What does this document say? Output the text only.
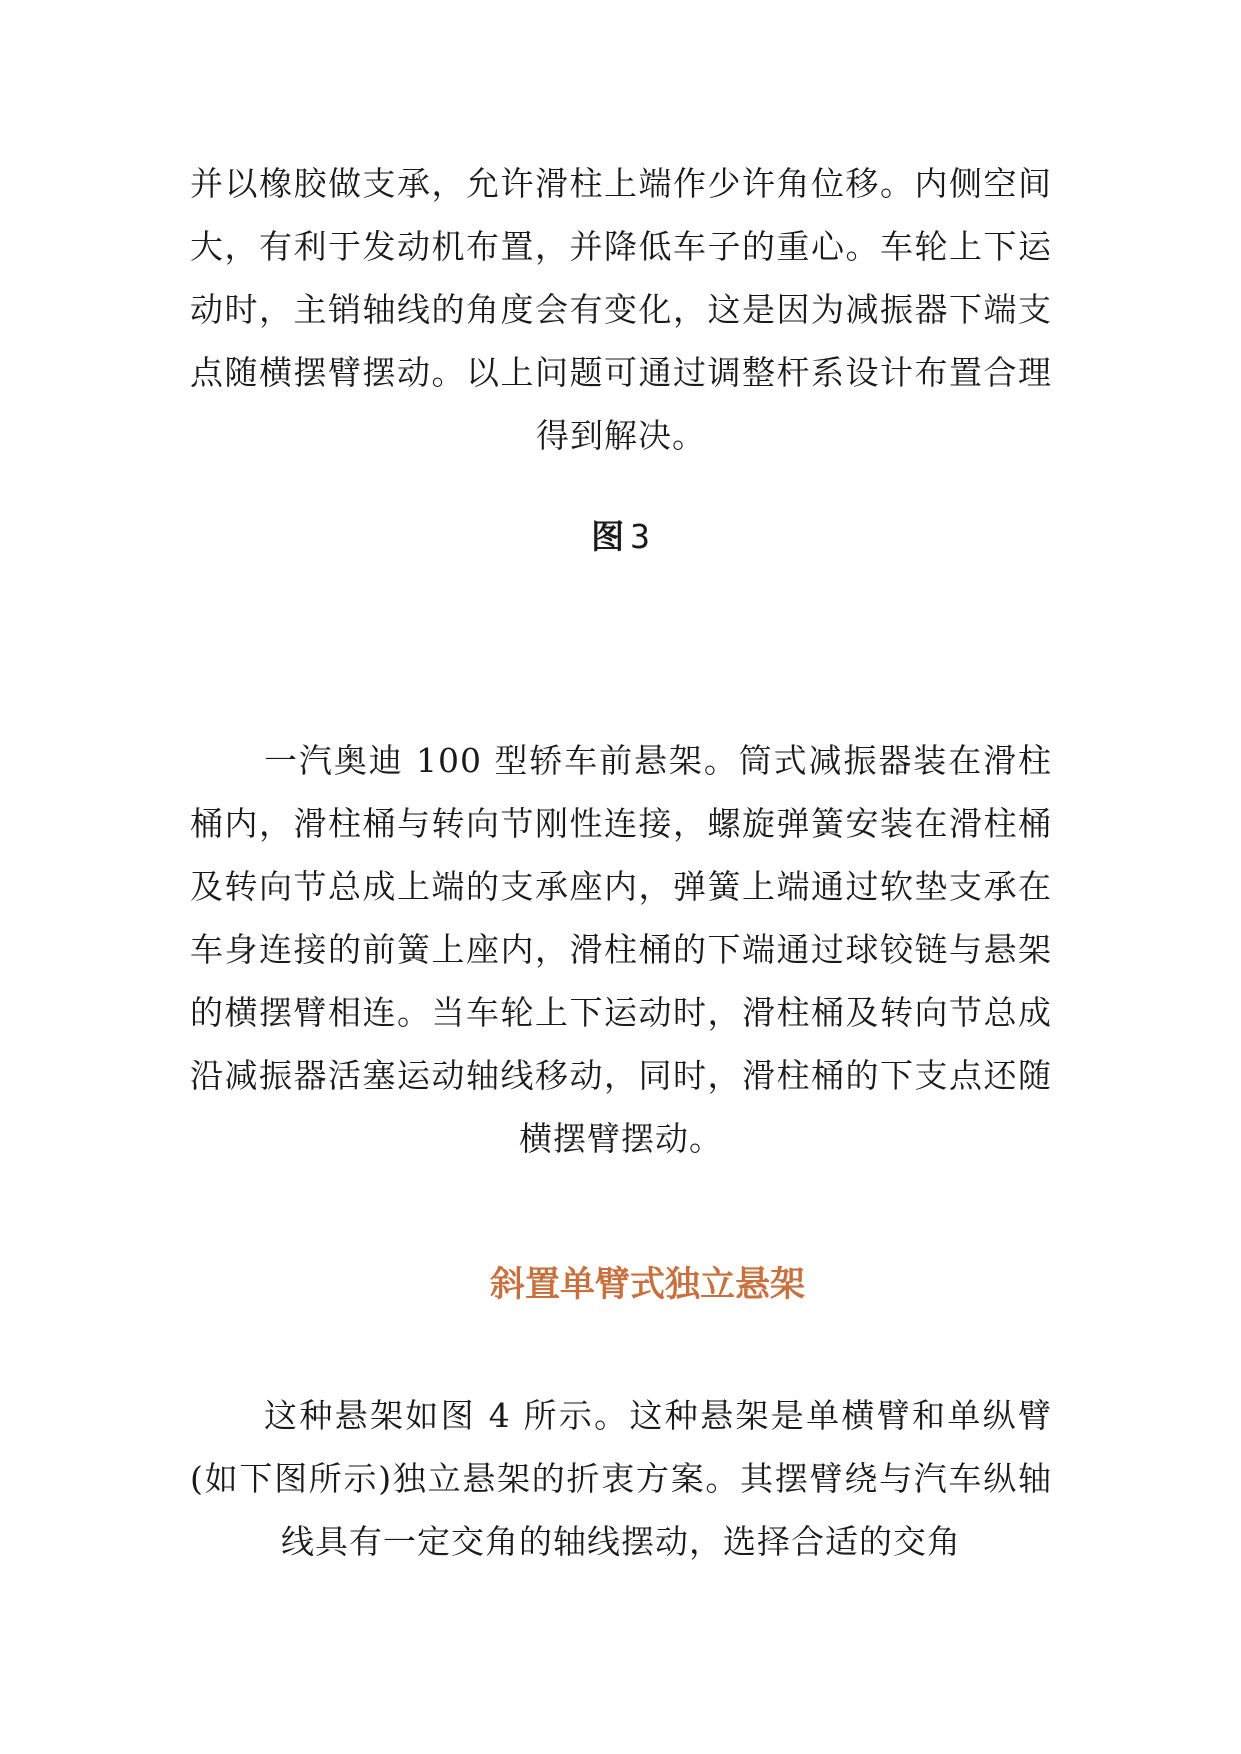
并以橡胶做支承，允许滑柱上端作少许角位移。内侧空间大，有利于发动机布置，并降低车子的重心。车轮上下运动时，主销轴线的角度会有变化，这是因为减振器下端支点随横摆臂摆动。以上问题可通过调整杆系设计布置合理得到解决。

图 3

一汽奥迪 100 型轿车前悬架。筒式减振器装在滑柱桶内，滑柱桶与转向节刚性连接，螺旋弹簧安装在滑柱桶及转向节总成上端的支承座内，弹簧上端通过软垫支承在车身连接的前簧上座内，滑柱桶的下端通过球铰链与悬架的横摆臂相连。当车轮上下运动时，滑柱桶及转向节总成沿减振器活塞运动轴线移动，同时，滑柱桶的下支点还随横摆臂摆动。

斜置单臂式独立悬架

这种悬架如图 4 所示。这种悬架是单横臂和单纵臂(如下图所示)独立悬架的折衷方案。其摆臂绕与汽车纵轴线具有一定交角的轴线摆动，选择合适的交角
